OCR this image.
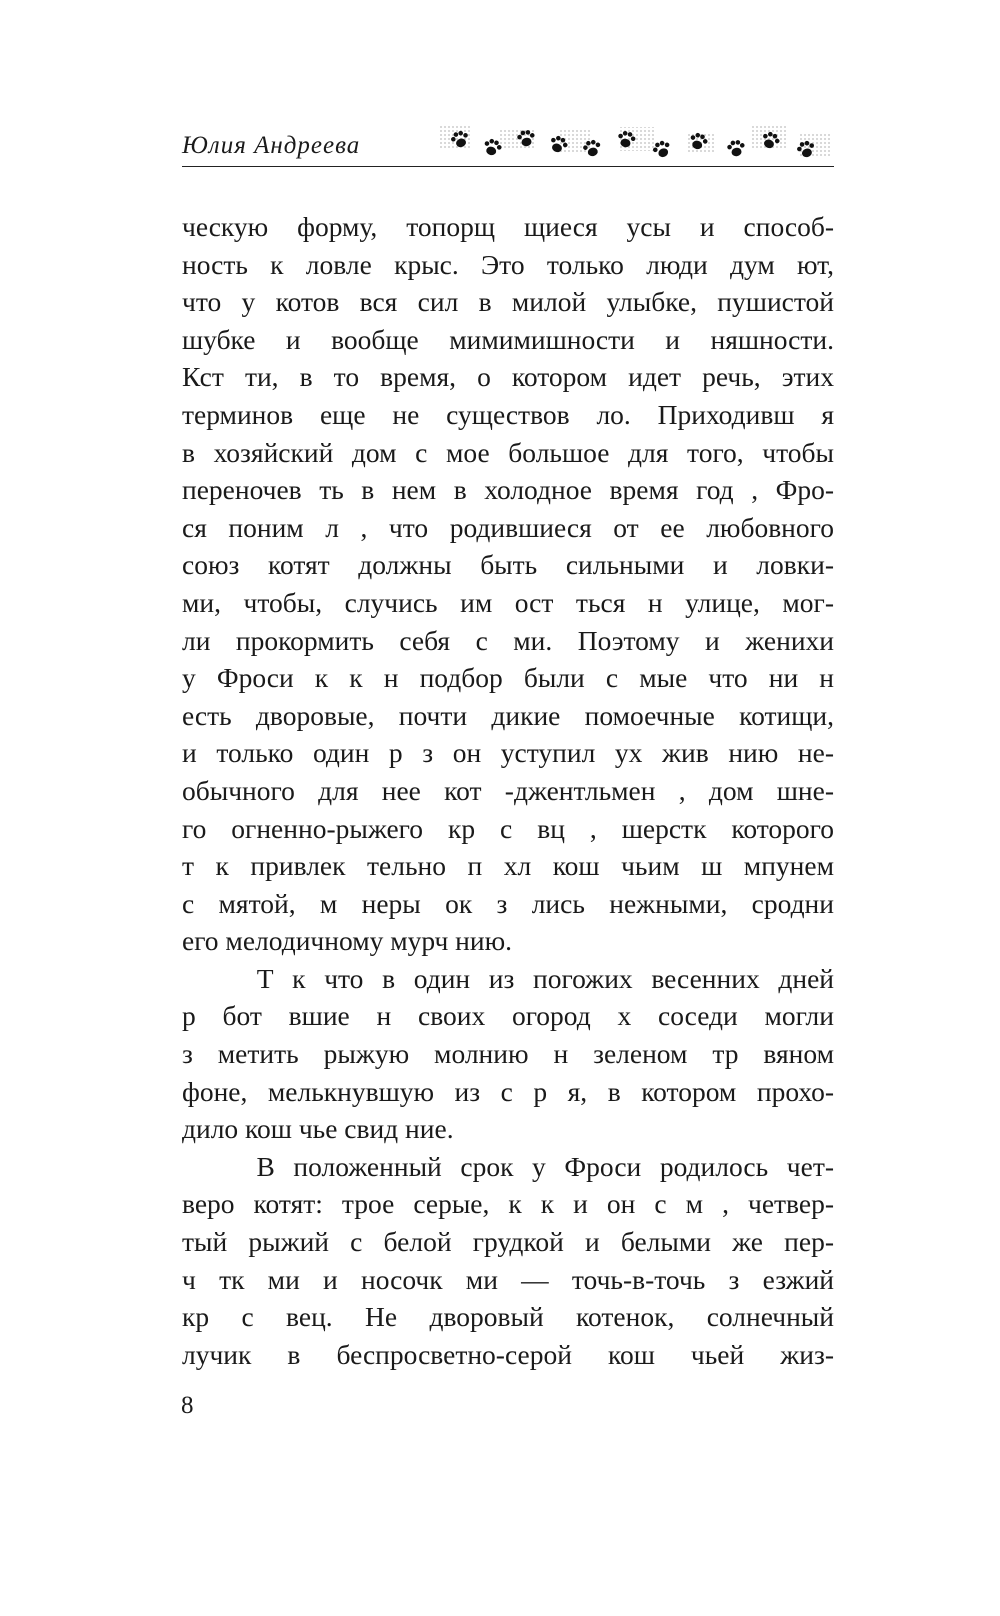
Юлия Андреева
ческую форму, топорщ щиеся усы и способ-
ность к ловле крыс. Это только люди дум ют,
что у котов вся сил в милой улыбке, пушистой
шубке и вообще мимимишности и няшности.
Кст ти, в то время, о котором идет речь, этих
терминов еще не существов ло. Приходивш я
в хозяйский дом с мое большое для того, чтобы
переночев ть в нем в холодное время год , Фро-
ся поним л , что родившиеся от ее любовного
союз котят должны быть сильными и ловки-
ми, чтобы, случись им ост ться н улице, мог-
ли прокормить себя с ми. Поэтому и женихи
у Фроси к к н подбор были с мые что ни н
есть дворовые, почти дикие помоечные котищи,
и только один р з он уступил ух жив нию не-
обычного для нее кот -джентльмен , дом шне-
го огненно-рыжего кр с вц , шерстк которого
т к привлек тельно п хл кош чьим ш мпунем
с мятой, м неры ок з лись нежными, сродни
его мелодичному мурч нию.
Т к что в один из погожих весенних дней
р бот вшие н своих огород х соседи могли
з метить рыжую молнию н зеленом тр вяном
фоне, мелькнувшую из с р я, в котором прохо-
дило кош чье свид ние.
В положенный срок у Фроси родилось чет-
веро котят: трое серые, к к и он с м , четвер-
тый рыжий с белой грудкой и белыми же пер-
ч тк ми и носочк ми — точь-в-точь з езжий
кр с вец. Не дворовый котенок, солнечный
лучик в беспросветно-серой кош чьей жиз-
8
